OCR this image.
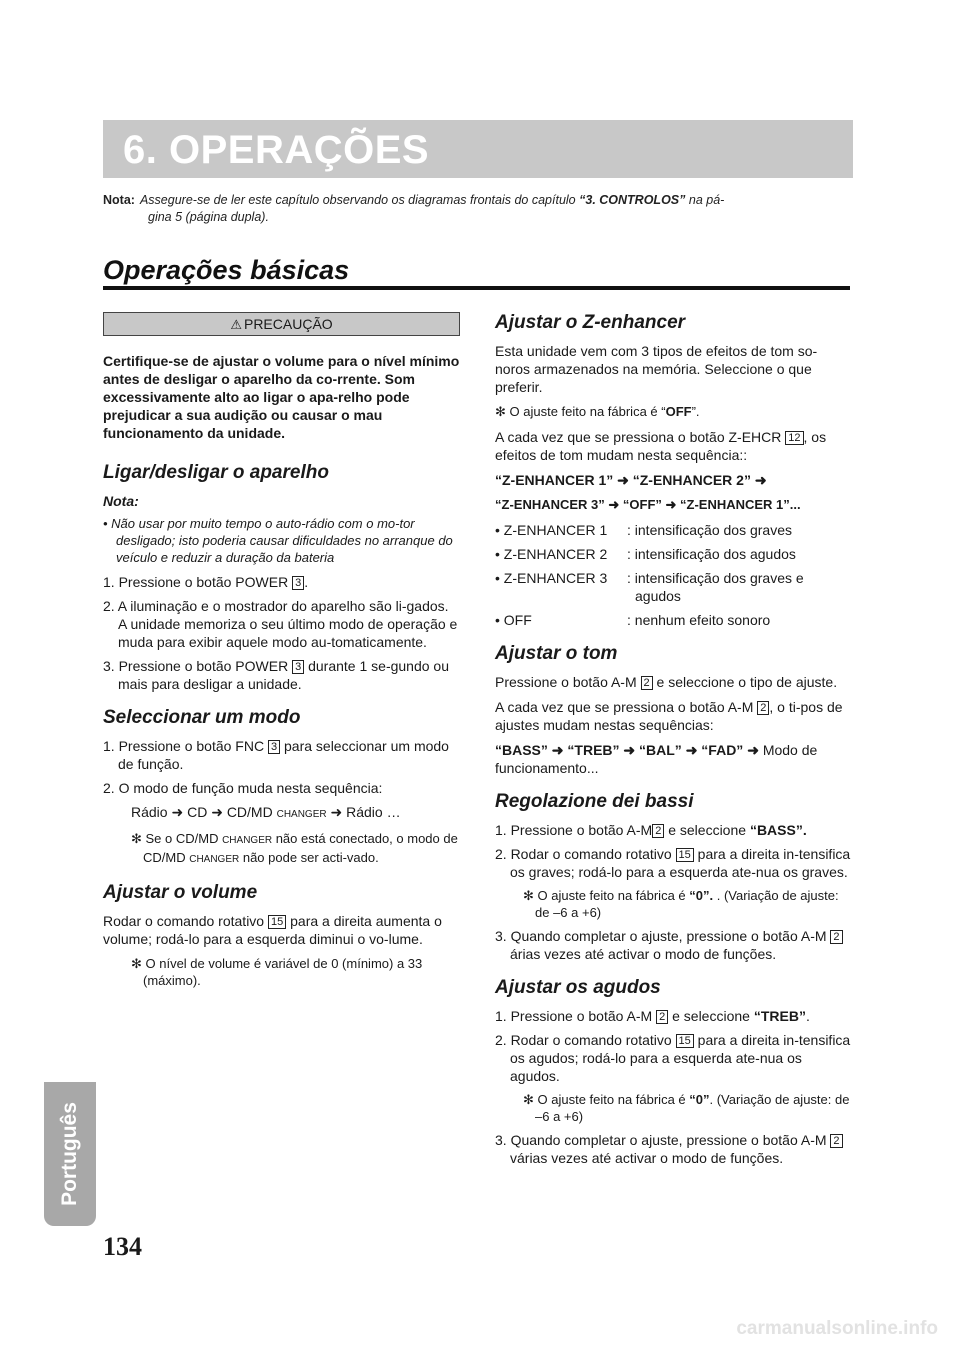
6. OPERAÇÕES
Nota: Assegure-se de ler este capítulo observando os diagramas frontais do capítulo “3. CONTROLOS” na pá-
gina 5 (página dupla).
Operações básicas
⚠ PRECAUÇÃO

Certifique-se de ajustar o volume para o nível mínimo antes de desligar o aparelho da co-rrente. Som excessivamente alto ao ligar o apa-relho pode prejudicar a sua audição ou causar o mau funcionamento da unidade.

Ligar/desligar o aparelho
Nota:
• Não usar por muito tempo o auto-rádio com o mo-tor desligado; isto poderia causar dificuldades no arranque do veículo e reduzir a duração da bateria
1. Pressione o botão POWER 3 .
2. A iluminação e o mostrador do aparelho são li-gados. A unidade memoriza o seu último modo de operação e muda para exibir aquele modo au-tomaticamente.
3. Pressione o botão POWER 3 durante 1 se-gundo ou mais para desligar a unidade.
Seleccionar um modo
1. Pressione o botão FNC 3 para seleccionar um modo de função.
2. O modo de função muda nesta sequência:
Rádio ➜ CD ➜ CD/MD CHANGER ➜ Rádio …
✻ Se o CD/MD CHANGER não está conectado, o modo de CD/MD CHANGER não pode ser acti-vado.
Ajustar o volume

Rodar o comando rotativo 15 para a direita aumenta o volume; rodá-lo para a esquerda diminui o vo-lume.

✻ O nível de volume é variável de 0 (mínimo) a 33 (máximo).
Ajustar o Z-enhancer

Esta unidade vem com 3 tipos de efeitos de tom so-noros armazenados na memória. Seleccione o que preferir.

✻ O ajuste feito na fábrica é “OFF”.

A cada vez que se pressiona o botão Z-EHCR 12 , os efeitos de tom mudam nesta sequência::

“Z-ENHANCER 1” ➜ “Z-ENHANCER 2” ➜

“Z-ENHANCER 3” ➜ “OFF” ➜ “Z-ENHANCER 1”...

• Z-ENHANCER 1	: intensificação dos graves
• Z-ENHANCER 2	: intensificação dos agudos
• Z-ENHANCER 3	: intensificação dos graves e agudos
• OFF	: nenhum efeito sonoro
Ajustar o tom

Pressione o botão A-M 2 e seleccione o tipo de ajuste.

A cada vez que se pressiona o botão A-M 2 , o ti-pos de ajustes mudam nestas sequências:

“BASS” ➜ “TREB” ➜ “BAL” ➜ “FAD” ➜ Modo de funcionamento...

Regolazione dei bassi
1. Pressione o botão A-M 2 e seleccione “BASS”.
2. Rodar o comando rotativo 15 para a direita in-tensifica os graves; rodá-lo para a esquerda ate-nua os graves.
✻ O ajuste feito na fábrica é “0”. . (Variação de ajuste: de –6 a +6)
3. Quando completar o ajuste, pressione o botão A-M 2 árias vezes até activar o modo de funções.
Ajustar os agudos
1. Pressione o botão A-M 2 e seleccione “TREB”.
2. Rodar o comando rotativo 15 para a direita in-tensifica os agudos; rodá-lo para a esquerda ate-nua os agudos.
✻ O ajuste feito na fábrica é “0”. (Variação de ajuste: de –6 a +6)
3. Quando completar o ajuste, pressione o botão A-M 2 várias vezes até activar o modo de funções.
Português
134
carmanualsonline.info
